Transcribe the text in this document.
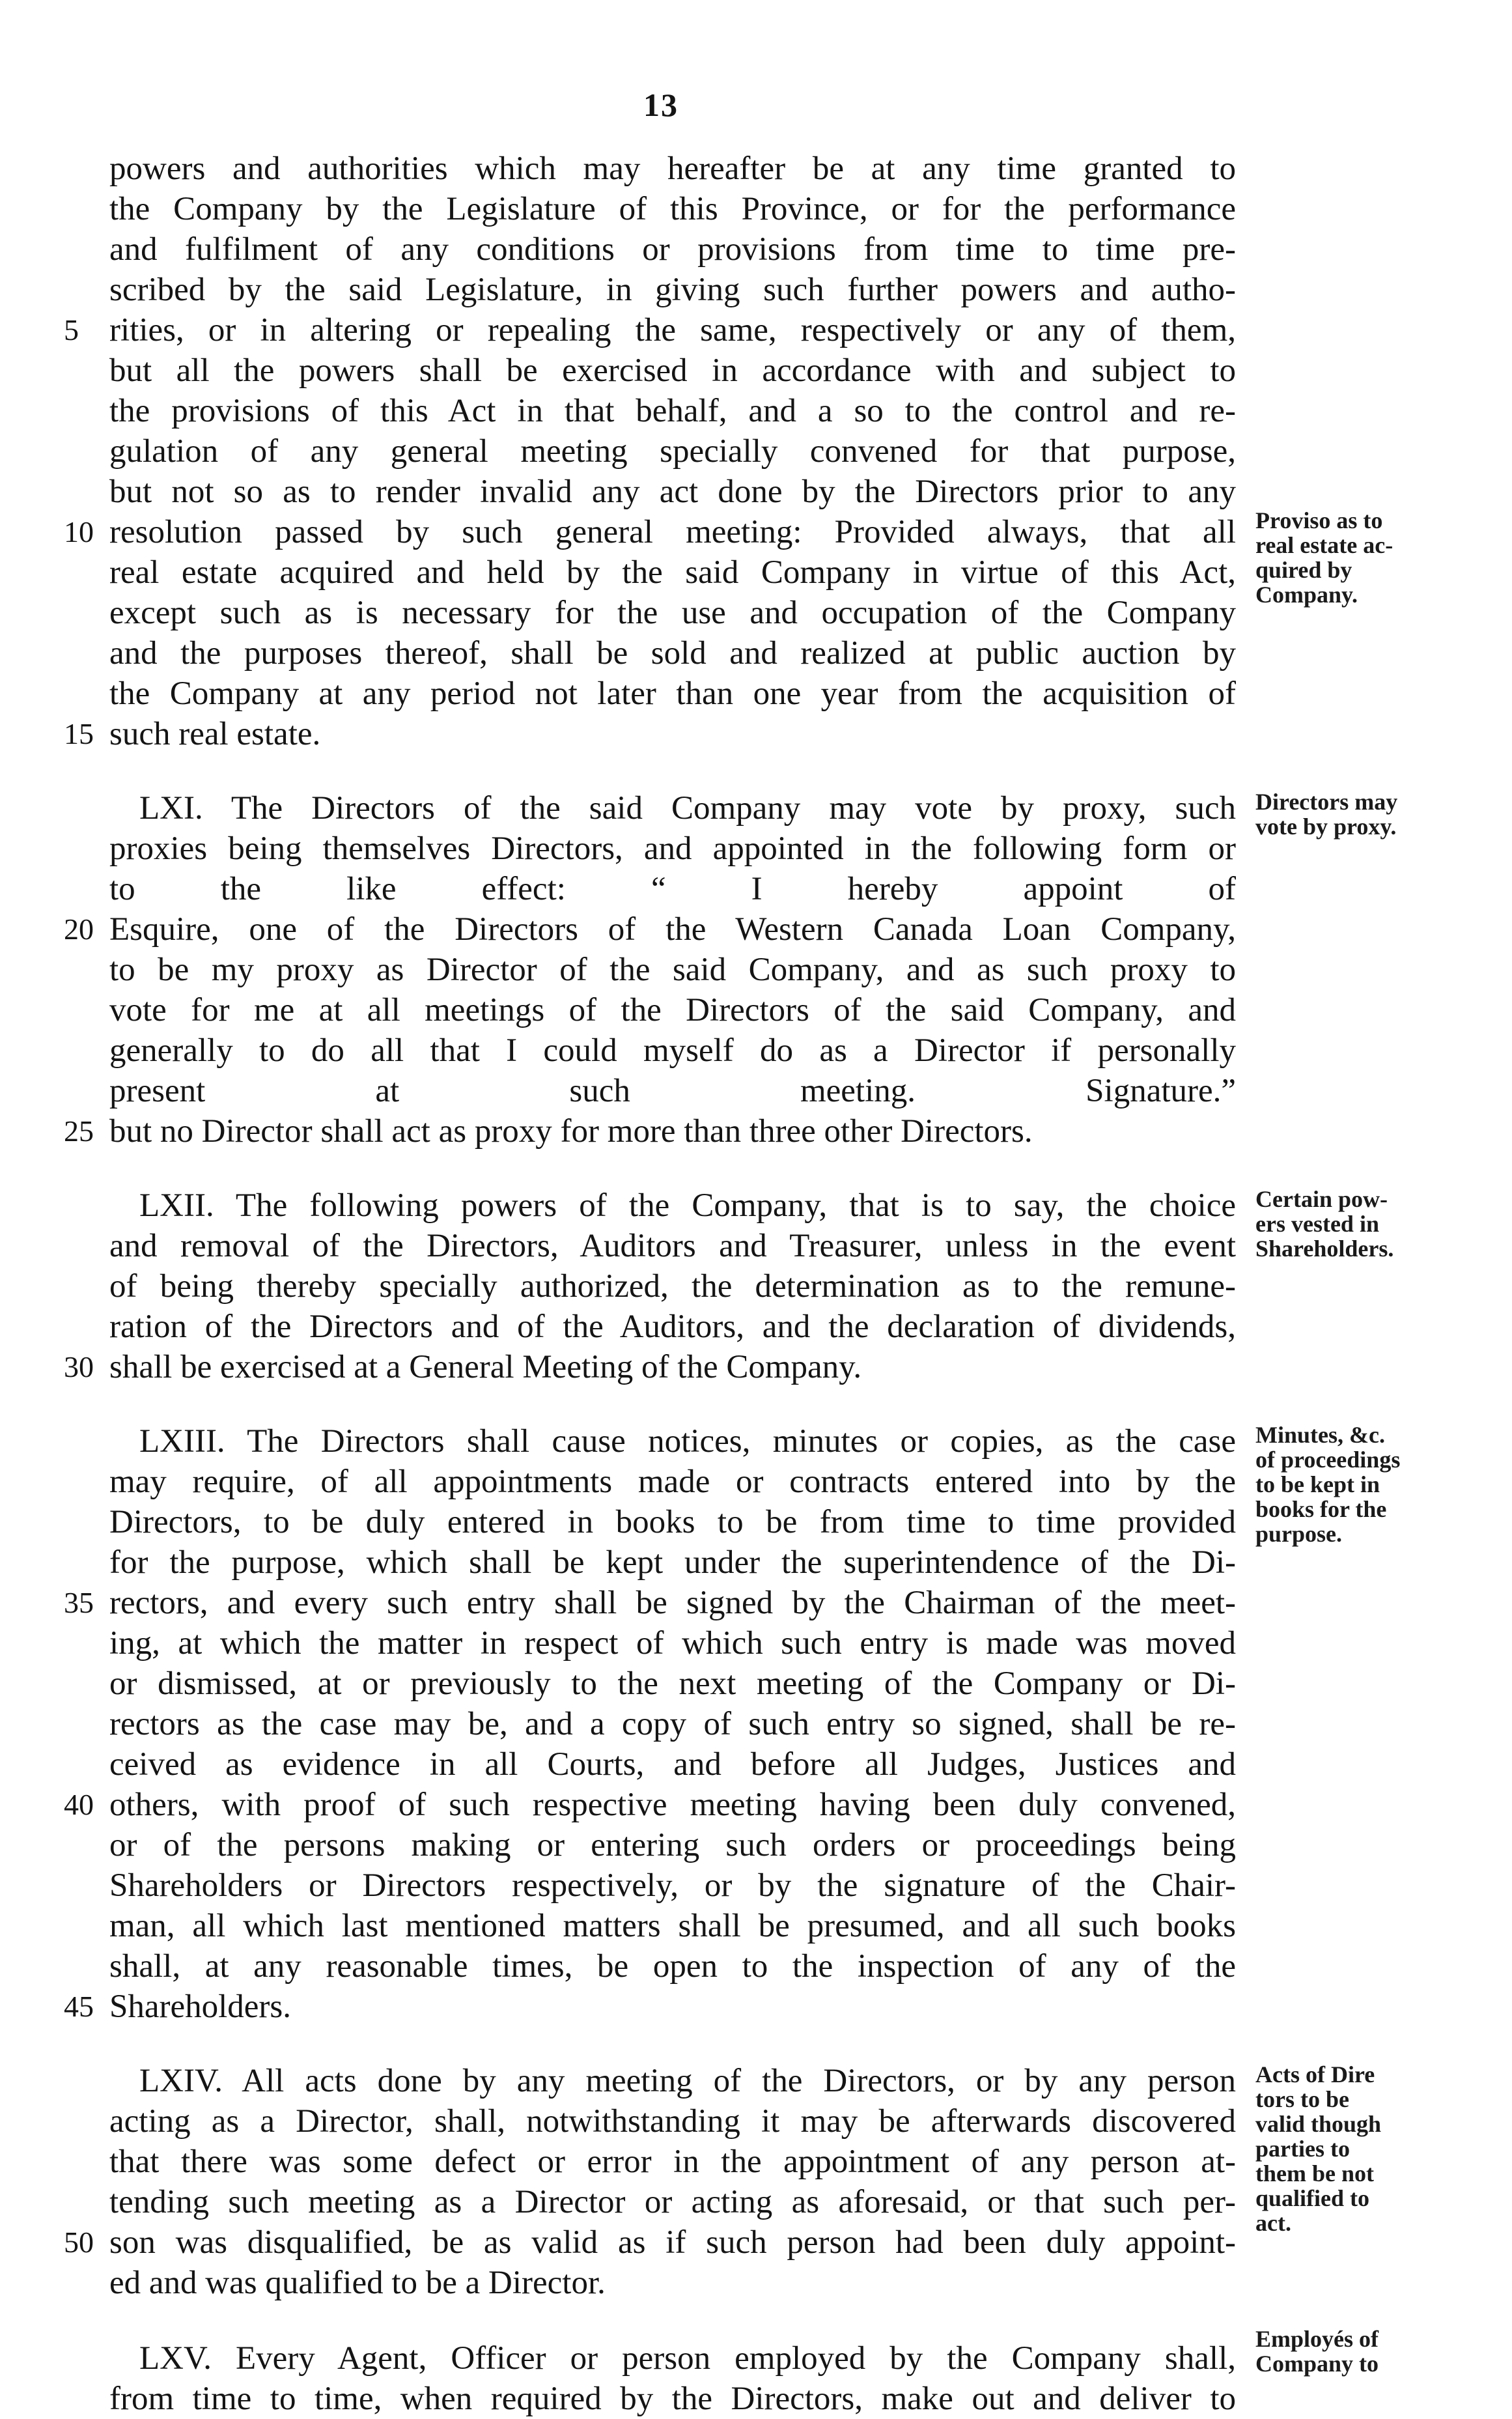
13
powers and authorities which may hereafter be at any time granted to
the Company by the Legislature of this Province, or for the performance
and fulfilment of any conditions or provisions from time to time pre-
scribed by the said Legislature, in giving such further powers and autho-
rities, or in altering or repealing the same, respectively or any of them,
but all the powers shall be exercised in accordance with and subject to
the provisions of this Act in that behalf, and a so to the control and re-
gulation of any general meeting specially convened for that purpose,
but not so as to render invalid any act done by the Directors prior to any
resolution passed by such general meeting: Provided always, that all
real estate acquired and held by the said Company in virtue of this Act,
except such as is necessary for the use and occupation of the Company
and the purposes thereof, shall be sold and realized at public auction by
the Company at any period not later than one year from the acquisition of
such real estate.
LXI. The Directors of the said Company may vote by proxy, such
proxies being themselves Directors, and appointed in the following form or
to the like effect: “ I hereby appoint of
Esquire, one of the Directors of the Western Canada Loan Company,
to be my proxy as Director of the said Company, and as such proxy to
vote for me at all meetings of the Directors of the said Company, and
generally to do all that I could myself do as a Director if personally
present at such meeting. Signature.”
but no Director shall act as proxy for more than three other Directors.
LXII. The following powers of the Company, that is to say, the choice
and removal of the Directors, Auditors and Treasurer, unless in the event
of being thereby specially authorized, the determination as to the remune-
ration of the Directors and of the Auditors, and the declaration of dividends,
shall be exercised at a General Meeting of the Company.
LXIII. The Directors shall cause notices, minutes or copies, as the case
may require, of all appointments made or contracts entered into by the
Directors, to be duly entered in books to be from time to time provided
for the purpose, which shall be kept under the superintendence of the Di-
rectors, and every such entry shall be signed by the Chairman of the meet-
ing, at which the matter in respect of which such entry is made was moved
or dismissed, at or previously to the next meeting of the Company or Di-
rectors as the case may be, and a copy of such entry so signed, shall be re-
ceived as evidence in all Courts, and before all Judges, Justices and
others, with proof of such respective meeting having been duly convened,
or of the persons making or entering such orders or proceedings being
Shareholders or Directors respectively, or by the signature of the Chair-
man, all which last mentioned matters shall be presumed, and all such books
shall, at any reasonable times, be open to the inspection of any of the
Shareholders.
LXIV. All acts done by any meeting of the Directors, or by any person
acting as a Director, shall, notwithstanding it may be afterwards discovered
that there was some defect or error in the appointment of any person at-
tending such meeting as a Director or acting as aforesaid, or that such per-
son was disqualified, be as valid as if such person had been duly appoint-
ed and was qualified to be a Director.
LXV. Every Agent, Officer or person employed by the Company shall,
from time to time, when required by the Directors, make out and deliver to
5
10
15
20
25
30
35
40
45
50
Proviso as to
real estate ac-
quired by
Company.
Directors may
vote by proxy.
Certain pow-
ers vested in
Shareholders.
Minutes, &c.
of proceedings
to be kept in
books for the
purpose.
Acts of Dire
tors to be
valid though
parties to
them be not
qualified to
act.
Employés of
Company to
